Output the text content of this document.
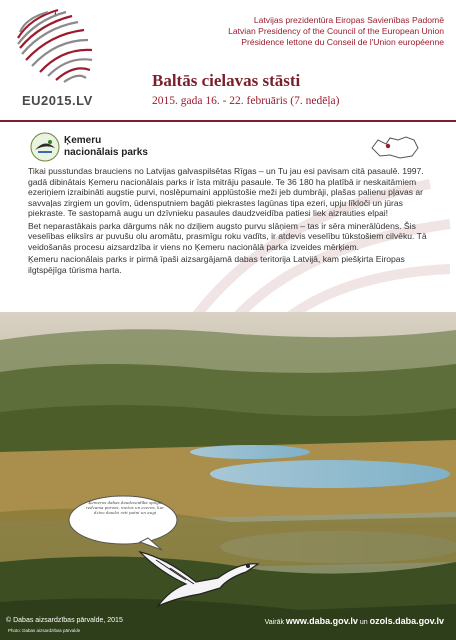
EU2015.LV
Latvijas prezidentūra Eiropas Savienības Padomē
Latvian Presidency of the Council of the European Union
Présidence lettone du Conseil de l'Union européenne
Baltās cielavas stāsti
2015. gada 16. - 22. februāris (7. nedēļa)
Ķemeru
nacionālais parks

Tikai pusstundas brauciens no Latvijas galvaspilsētas Rīgas – un Tu jau esi pavisam citā pasaulē. 1997. gadā dibinātais Ķemeru nacionālais parks ir īsta mitrāju pasaule. Te 36 180 ha platībā ir neskaitāmiem ezeriņiem izraibināti augstie purvi, noslēpumaini applūstošie meži jeb dumbrāji, plašas palienu pļavas ar savvaļas zirgiem un govīm, ūdensputniem bagāti piekrastes lagūnas tipa ezeri, upju līkloči un jūras piekraste. Te sastopamā augu un dzīvnieku pasaules daudzveidība patiesi liek aizrauties elpai!

Bet neparastākais parka dārgums nāk no dziļiem augsto purvu slāņiem – tas ir sēra minerālūdens. Šis veselības eliksīrs ar puvušu olu aromātu, prasmīgu roku vadīts, ir atdevis veselību tūkstošiem cilvēku. Tā veidošanās procesu aizsardzība ir viens no Ķemeru nacionālā parka izveides mērķiem.

Ķemeru nacionālais parks ir pirmā īpaši aizsargājamā dabas teritorija Latvijā, kam piešķirta Eiropas ilgtspējīga tūrisma harta.

Ķemeros dabas daudzveidība spilgti redzama purvos, mežos un ezeros, kur dzīvo daudzi reti putni un augi
© Dabas aizsardzības pārvalde, 2015
Photo: Dabas aizsardzības pārvalde
Vairāk www.daba.gov.lv un ozols.daba.gov.lv
